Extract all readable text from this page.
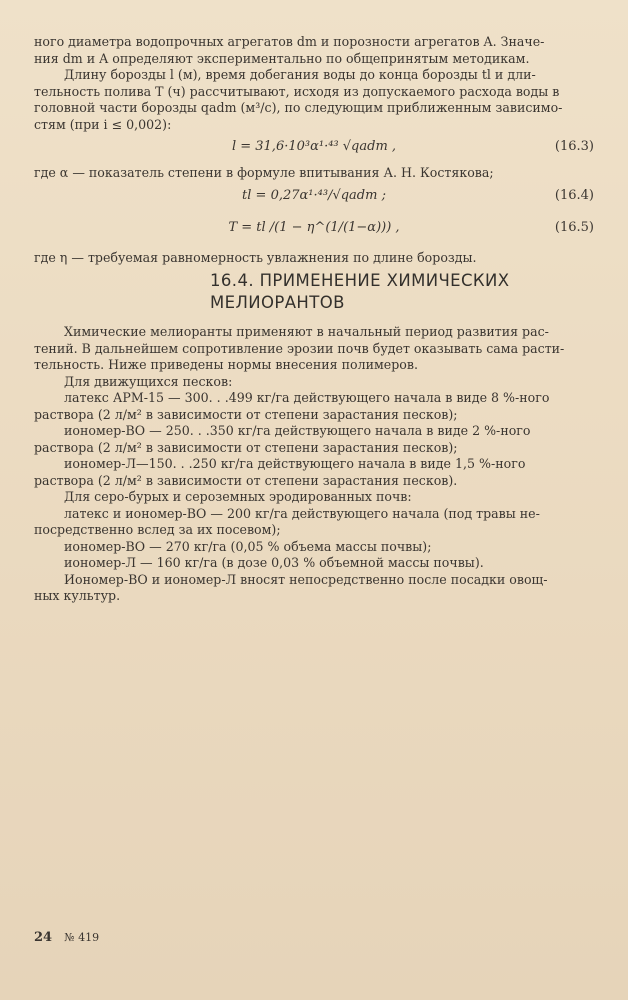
ного диаметра водопрочных агрегатов dm и порозности агрегатов A. Значе-

ния dm и A определяют экспериментально по общепринятым методикам.

Длину борозды l (м), время добегания воды до конца борозды tl и дли-

тельность полива T (ч) рассчитывают, исходя из допускаемого расхода воды в

головной части борозды qadm (м³/с), по следующим приближенным зависимо-

стям (при i ≤ 0,002):

l = 31,6·10³α¹·⁴³ √qadm ,	(16.3)

где α — показатель степени в формуле впитывания А. Н. Костякова;

tl = 0,27α¹·⁴³/√qadm ;	(16.4)
T = tl /(1 − η^(1/(1−α))) ,	(16.5)

где η — требуемая равномерность увлажнения по длине борозды.

16.4. ПРИМЕНЕНИЕ ХИМИЧЕСКИХ

МЕЛИОРАНТОВ

Химические мелиоранты применяют в начальный период развития рас-

тений. В дальнейшем сопротивление эрозии почв будет оказывать сама расти-

тельность. Ниже приведены нормы внесения полимеров.

Для движущихся песков:

латекс АРМ-15 — 300. . .499 кг/га действующего начала в виде 8 %-ного

раствора (2 л/м² в зависимости от степени зарастания песков);

иономер-ВО — 250. . .350 кг/га действующего начала в виде 2 %-ного

раствора (2 л/м² в зависимости от степени зарастания песков);

иономер-Л—150. . .250 кг/га действующего начала в виде 1,5 %-ного

раствора (2 л/м² в зависимости от степени зарастания песков).

Для серо-бурых и сероземных эродированных почв:

латекс и иономер-ВО — 200 кг/га действующего начала (под травы не-

посредственно вслед за их посевом);

иономер-ВО — 270 кг/га (0,05 % объема массы почвы);

иономер-Л — 160 кг/га (в дозе 0,03 % объемной массы почвы).

Иономер-ВО и иономер-Л вносят непосредственно после посадки овощ-

ных культур.

24 № 419
